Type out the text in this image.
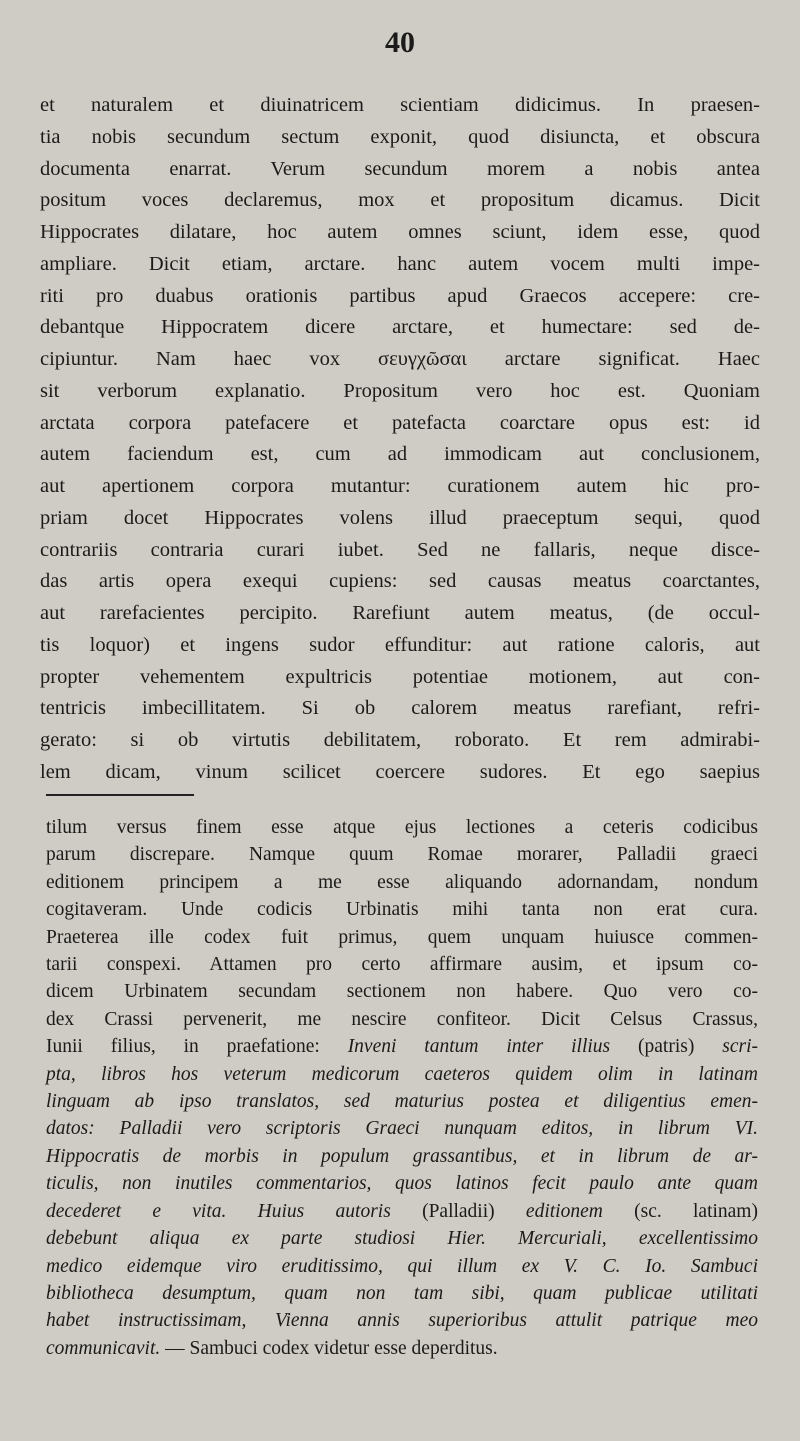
40
et naturalem et diuinatricem scientiam didicimus. In praesen-
tia nobis secundum sectum exponit, quod disiuncta, et obscura
documenta enarrat. Verum secundum morem a nobis antea
positum voces declaremus, mox et propositum dicamus. Dicit
Hippocrates dilatare, hoc autem omnes sciunt, idem esse, quod
ampliare. Dicit etiam, arctare. hanc autem vocem multi impe-
riti pro duabus orationis partibus apud Graecos accepere: cre-
debantque Hippocratem dicere arctare, et humectare: sed de-
cipiuntur. Nam haec vox σευγχῶσαι arctare significat. Haec
sit verborum explanatio. Propositum vero hoc est. Quoniam
arctata corpora patefacere et patefacta coarctare opus est: id
autem faciendum est, cum ad immodicam aut conclusionem,
aut apertionem corpora mutantur: curationem autem hic pro-
priam docet Hippocrates volens illud praeceptum sequi, quod
contrariis contraria curari iubet. Sed ne fallaris, neque disce-
das artis opera exequi cupiens: sed causas meatus coarctantes,
aut rarefacientes percipito. Rarefiunt autem meatus, (de occul-
tis loquor) et ingens sudor effunditur: aut ratione caloris, aut
propter vehementem expultricis potentiae motionem, aut con-
tentricis imbecillitatem. Si ob calorem meatus rarefiant, refri-
gerato: si ob virtutis debilitatem, roborato. Et rem admirabi-
lem dicam, vinum scilicet coercere sudores. Et ego saepius
tilum versus finem esse atque ejus lectiones a ceteris codicibus
parum discrepare. Namque quum Romae morarer, Palladii graeci
editionem principem a me esse aliquando adornandam, nondum
cogitaveram. Unde codicis Urbinatis mihi tanta non erat cura.
Praeterea ille codex fuit primus, quem unquam huiusce commen-
tarii conspexi. Attamen pro certo affirmare ausim, et ipsum co-
dicem Urbinatem secundam sectionem non habere. Quo vero co-
dex Crassi pervenerit, me nescire confiteor. Dicit Celsus Crassus,
Iunii filius, in praefatione: Inveni tantum inter illius (patris) scri-
pta, libros hos veterum medicorum caeteros quidem olim in latinam
linguam ab ipso translatos, sed maturius postea et diligentius emen-
datos: Palladii vero scriptoris Graeci nunquam editos, in librum VI.
Hippocratis de morbis in populum grassantibus, et in librum de ar-
ticulis, non inutiles commentarios, quos latinos fecit paulo ante quam
decederet e vita. Huius autoris (Palladii) editionem (sc. latinam)
debebunt aliqua ex parte studiosi Hier. Mercuriali, excellentissimo
medico eidemque viro eruditissimo, qui illum ex V. C. Io. Sambuci
bibliotheca desumptum, quam non tam sibi, quam publicae utilitati
habet instructissimam, Vienna annis superioribus attulit patrique meo
communicavit. — Sambuci codex videtur esse deperditus.
